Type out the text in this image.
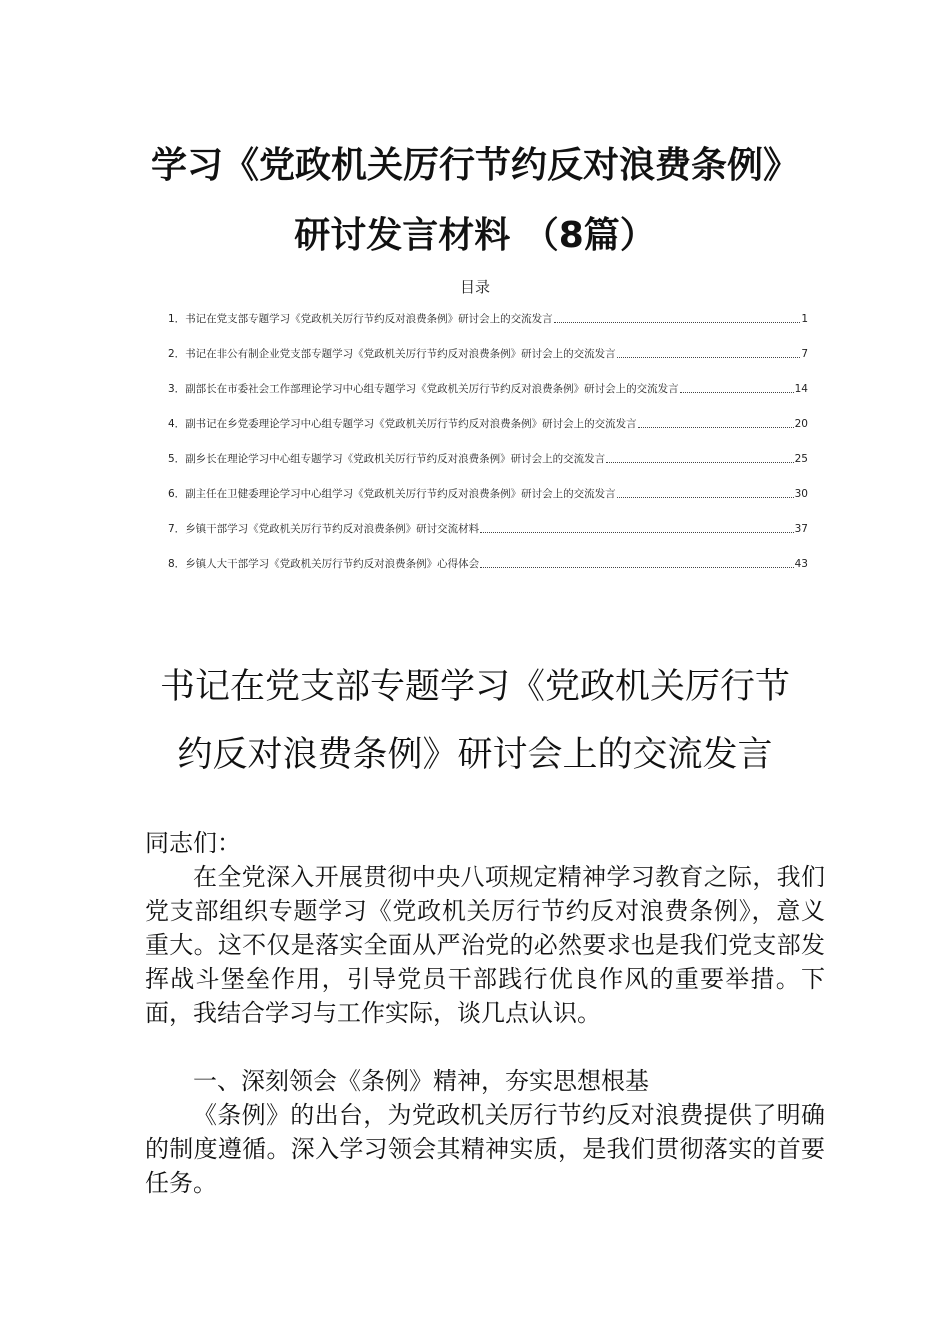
学习《党政机关厉行节约反对浪费条例》
研讨发言材料 （8篇）
目录
1．书记在党支部专题学习《党政机关厉行节约反对浪费条例》研讨会上的交流发言	1
2．书记在非公有制企业党支部专题学习《党政机关厉行节约反对浪费条例》研讨会上的交流发言	7
3．副部长在市委社会工作部理论学习中心组专题学习《党政机关厉行节约反对浪费条例》研讨会上的交流发言	14
4．副书记在乡党委理论学习中心组专题学习《党政机关厉行节约反对浪费条例》研讨会上的交流发言	20
5．副乡长在理论学习中心组专题学习《党政机关厉行节约反对浪费条例》研讨会上的交流发言	25
6．副主任在卫健委理论学习中心组学习《党政机关厉行节约反对浪费条例》研讨会上的交流发言	30
7．乡镇干部学习《党政机关厉行节约反对浪费条例》研讨交流材料	37
8．乡镇人大干部学习《党政机关厉行节约反对浪费条例》心得体会	43
书记在党支部专题学习《党政机关厉行节
约反对浪费条例》研讨会上的交流发言

同志们：

在全党深入开展贯彻中央八项规定精神学习教育之际，我们党支部组织专题学习《党政机关厉行节约反对浪费条例》，意义重大。这不仅是落实全面从严治党的必然要求也是我们党支部发挥战斗堡垒作用，引导党员干部践行优良作风的重要举措。下面，我结合学习与工作实际，谈几点认识。

一、深刻领会《条例》精神，夯实思想根基

《条例》的出台，为党政机关厉行节约反对浪费提供了明确的制度遵循。深入学习领会其精神实质，是我们贯彻落实的首要任务。
